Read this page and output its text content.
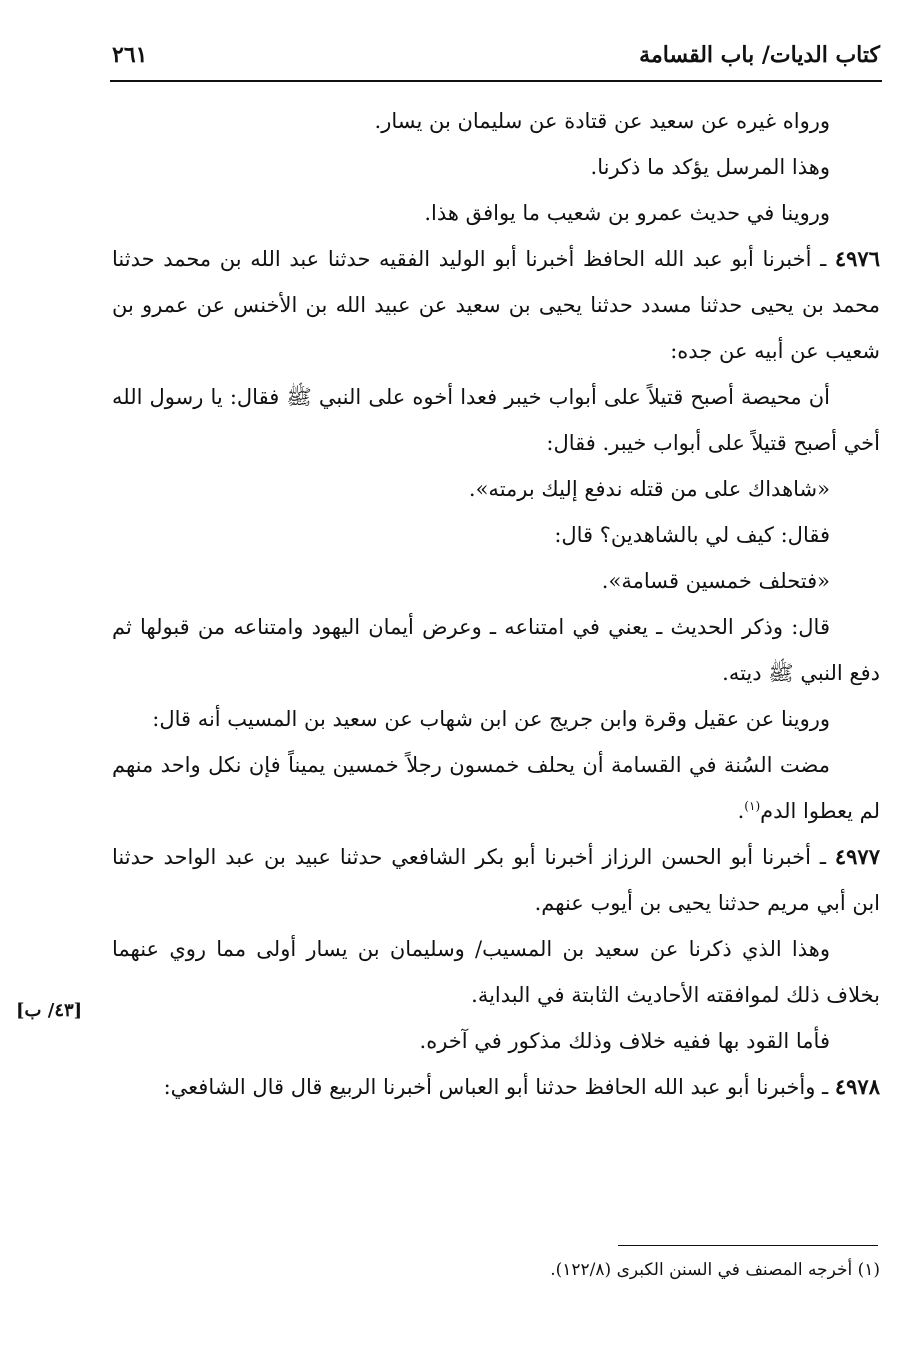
كتاب الديات/ باب القسامة
٢٦١

ورواه غيره عن سعيد عن قتادة عن سليمان بن يسار.

وهذا المرسل يؤكد ما ذكرنا.

وروينا في حديث عمرو بن شعيب ما يوافق هذا.

٤٩٧٦ ـ أخبرنا أبو عبد الله الحافظ أخبرنا أبو الوليد الفقيه حدثنا عبد الله بن محمد حدثنا محمد بن يحيى حدثنا مسدد حدثنا يحيى بن سعيد عن عبيد الله بن الأخنس عن عمرو بن شعيب عن أبيه عن جده:

أن محيصة أصبح قتيلاً على أبواب خيبر فعدا أخوه على النبي ﷺ فقال: يا رسول الله أخي أصبح قتيلاً على أبواب خيبر. فقال:

«شاهداك على من قتله ندفع إليك برمته».

فقال: كيف لي بالشاهدين؟ قال:

«فتحلف خمسين قسامة».

قال: وذكر الحديث ـ يعني في امتناعه ـ وعرض أيمان اليهود وامتناعه من قبولها ثم دفع النبي ﷺ ديته.

وروينا عن عقيل وقرة وابن جريج عن ابن شهاب عن سعيد بن المسيب أنه قال:

مضت السُنة في القسامة أن يحلف خمسون رجلاً خمسين يميناً فإن نكل واحد منهم لم يعطوا الدم$^{(١)}$.

٤٩٧٧ ـ أخبرنا أبو الحسن الرزاز أخبرنا أبو بكر الشافعي حدثنا عبيد بن عبد الواحد حدثنا ابن أبي مريم حدثنا يحيى بن أيوب عنهم.

وهذا الذي ذكرنا عن سعيد بن المسيب/ وسليمان بن يسار أولى مما روي عنهما بخلاف ذلك لموافقته الأحاديث الثابتة في البداية.

فأما القود بها ففيه خلاف وذلك مذكور في آخره.

٤٩٧٨ ـ وأخبرنا أبو عبد الله الحافظ حدثنا أبو العباس أخبرنا الربيع قال قال الشافعي:

[٤٣/ ب]
(١) أخرجه المصنف في السنن الكبرى (١٢٢/٨).
